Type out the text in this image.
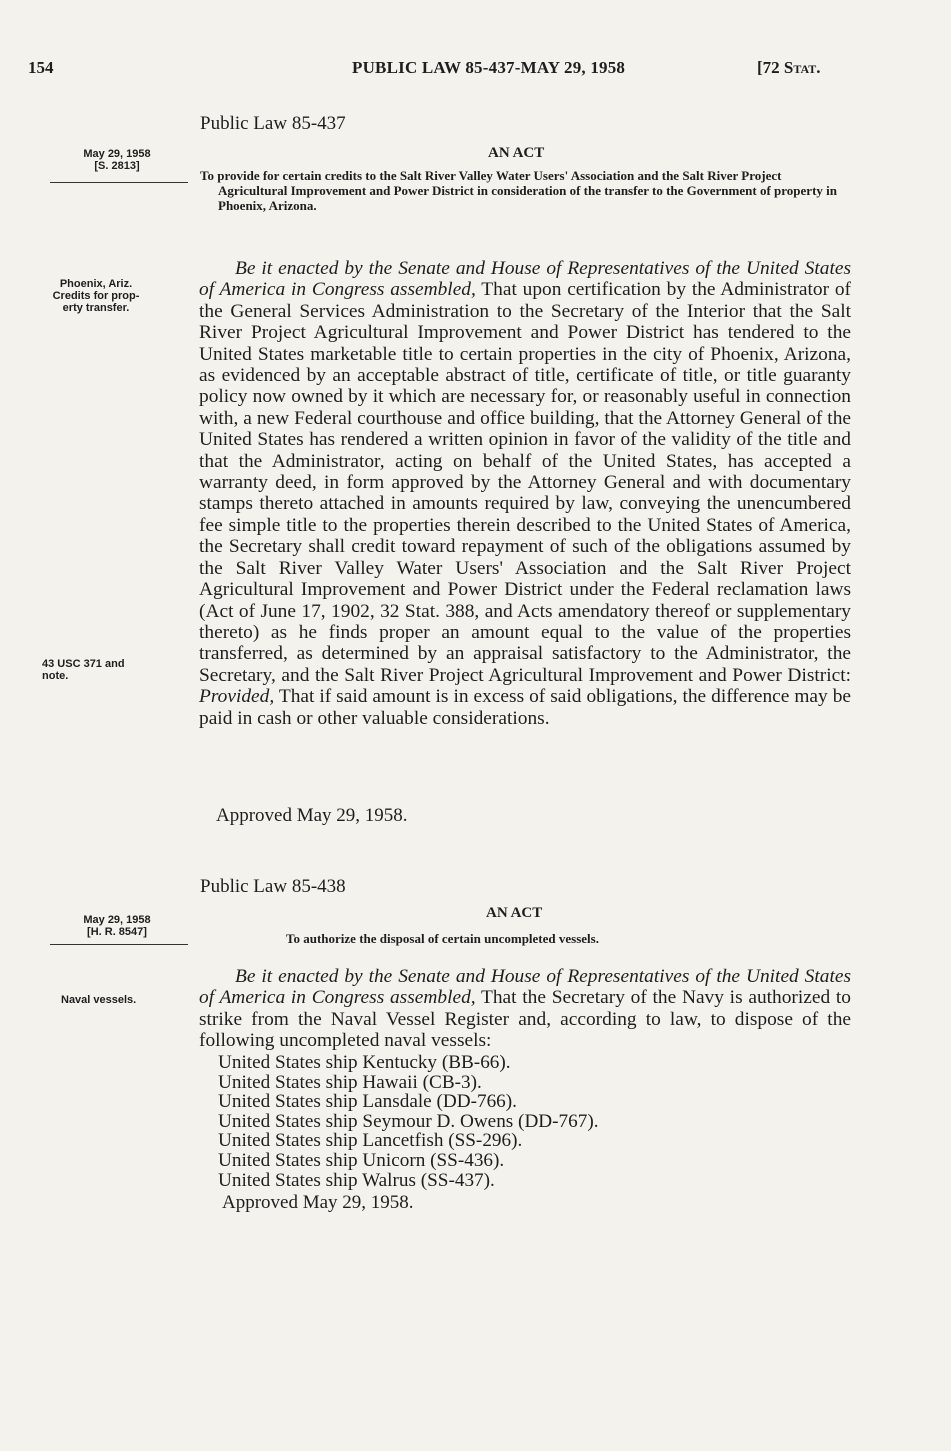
154	PUBLIC LAW 85-437-MAY 29, 1958	[72 Stat.
Public Law 85-437
May 29, 1958
[S. 2813]
AN ACT
To provide for certain credits to the Salt River Valley Water Users' Association and the Salt River Project Agricultural Improvement and Power District in consideration of the transfer to the Government of property in Phoenix, Arizona.
Phoenix, Ariz.
Credits for prop-
erty transfer.
43 USC 371 and
note.

Be it enacted by the Senate and House of Representatives of the United States of America in Congress assembled, That upon certification by the Administrator of the General Services Administration to the Secretary of the Interior that the Salt River Project Agricultural Improvement and Power District has tendered to the United States marketable title to certain properties in the city of Phoenix, Arizona, as evidenced by an acceptable abstract of title, certificate of title, or title guaranty policy now owned by it which are necessary for, or reasonably useful in connection with, a new Federal courthouse and office building, that the Attorney General of the United States has rendered a written opinion in favor of the validity of the title and that the Administrator, acting on behalf of the United States, has accepted a warranty deed, in form approved by the Attorney General and with documentary stamps thereto attached in amounts required by law, conveying the unencumbered fee simple title to the properties therein described to the United States of America, the Secretary shall credit toward repayment of such of the obligations assumed by the Salt River Valley Water Users' Association and the Salt River Project Agricultural Improvement and Power District under the Federal reclamation laws (Act of June 17, 1902, 32 Stat. 388, and Acts amendatory thereof or supplementary thereto) as he finds proper an amount equal to the value of the properties transferred, as determined by an appraisal satisfactory to the Administrator, the Secretary, and the Salt River Project Agricultural Improvement and Power District: Provided, That if said amount is in excess of said obligations, the difference may be paid in cash or other valuable considerations.

Approved May 29, 1958.
Public Law 85-438
May 29, 1958
[H. R. 8547]
AN ACT
To authorize the disposal of certain uncompleted vessels.
Naval vessels.

Be it enacted by the Senate and House of Representatives of the United States of America in Congress assembled, That the Secretary of the Navy is authorized to strike from the Naval Vessel Register and, according to law, to dispose of the following uncompleted naval vessels:

United States ship Kentucky (BB-66).
United States ship Hawaii (CB-3).
United States ship Lansdale (DD-766).
United States ship Seymour D. Owens (DD-767).
United States ship Lancetfish (SS-296).
United States ship Unicorn (SS-436).
United States ship Walrus (SS-437).
Approved May 29, 1958.
